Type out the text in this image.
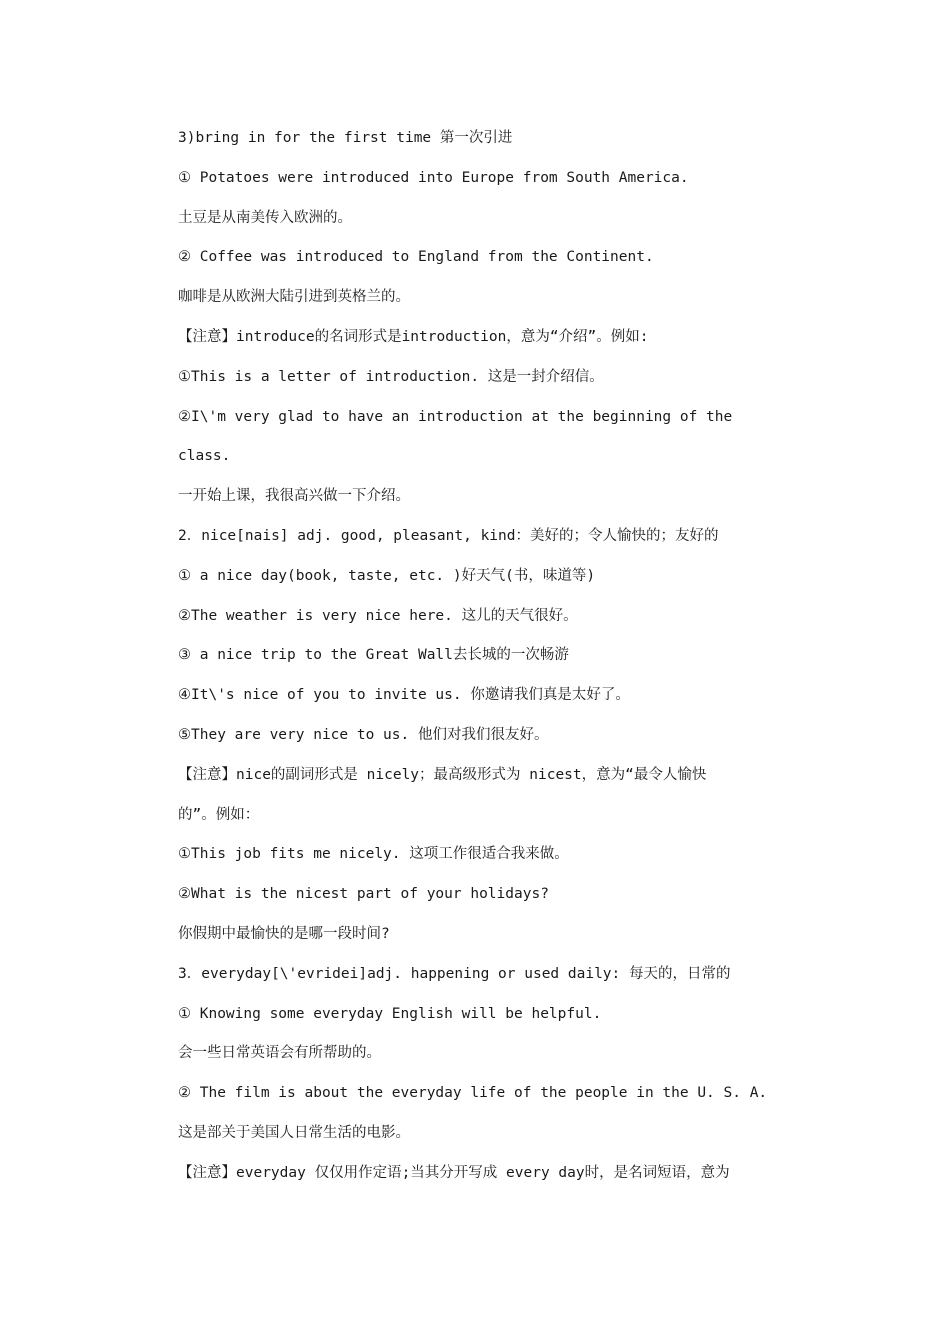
3)bring in for the first time 第一次引进
① Potatoes were introduced into Europe from South America.
土豆是从南美传入欧洲的。
② Coffee was introduced to England from the Continent.
咖啡是从欧洲大陆引进到英格兰的。
【注意】introduce的名词形式是introduction，意为“介绍”。例如:
①This is a letter of introduction. 这是一封介绍信。
②I\'m very glad to have an introduction at the beginning of the
class.
一开始上课，我很高兴做一下介绍。
2．nice[nais] adj. good, pleasant, kind：美好的；令人愉快的；友好的
① a nice day(book, taste, etc. )好天气(书，味道等)
②The weather is very nice here. 这儿的天气很好。
③ a nice trip to the Great Wall去长城的一次畅游
④It\'s nice of you to invite us. 你邀请我们真是太好了。
⑤They are very nice to us. 他们对我们很友好。
【注意】nice的副词形式是 nicely；最高级形式为 nicest，意为“最令人愉快
的”。例如：
①This job fits me nicely. 这项工作很适合我来做。
②What is the nicest part of your holidays?
你假期中最愉快的是哪一段时间?
3．everyday[\'evridei]adj. happening or used daily: 每天的，日常的
① Knowing some everyday English will be helpful.
会一些日常英语会有所帮助的。
② The film is about the everyday life of the people in the U. S. A.
这是部关于美国人日常生活的电影。
【注意】everyday 仅仅用作定语;当其分开写成 every day时，是名词短语，意为
